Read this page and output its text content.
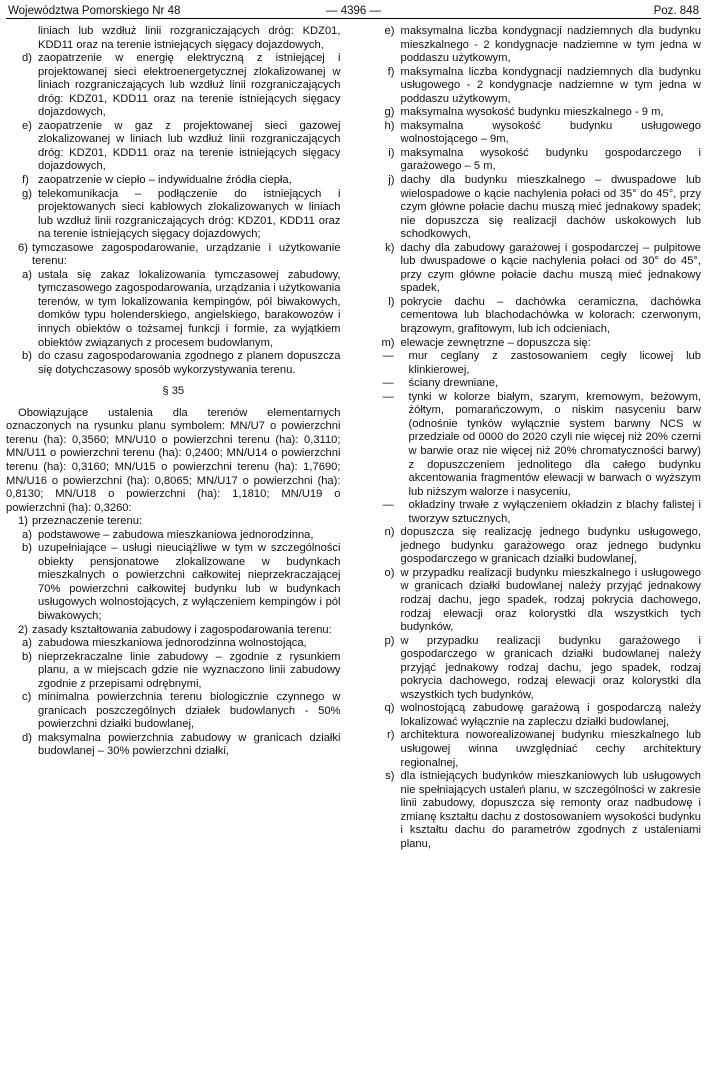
Województwa Pomorskiego Nr 48	— 4396 —	Poz. 848
liniach lub wzdłuż linii rozgraniczających dróg: KDZ01, KDD11 oraz na terenie istniejących sięgacy dojazdowych,
d) zaopatrzenie w energię elektryczną z istniejącej i projektowanej sieci elektroenergetycznej zlokalizowanej w liniach rozgraniczających lub wzdłuż linii rozgraniczających dróg: KDZ01, KDD11 oraz na terenie istniejących sięgacy dojazdowych,
e) zaopatrzenie w gaz z projektowanej sieci gazowej zlokalizowanej w liniach lub wzdłuż linii rozgraniczających dróg: KDZ01, KDD11 oraz na terenie istniejących sięgacy dojazdowych,
f) zaopatrzenie w ciepło – indywidualne źródła ciepła,
g) telekomunikacja – podłączenie do istniejących i projektowanych sieci kablowych zlokalizowanych w liniach lub wzdłuż linii rozgraniczających dróg: KDZ01, KDD11 oraz na terenie istniejących sięgacy dojazdowych;
6) tymczasowe zagospodarowanie, urządzanie i użytkowanie terenu:
a) ustala się zakaz lokalizowania tymczasowej zabudowy, tymczasowego zagospodarowania, urządzania i użytkowania terenów, w tym lokalizowania kempingów, pól biwakowych, domków typu holenderskiego, angielskiego, barakowozów i innych obiektów o tożsamej funkcji i formie, za wyjątkiem obiektów związanych z procesem budowlanym,
b) do czasu zagospodarowania zgodnego z planem dopuszcza się dotychczasowy sposób wykorzystywania terenu.
§ 35
Obowiązujące ustalenia dla terenów elementarnych oznaczonych na rysunku planu symbolem: MN/U7 o powierzchni terenu (ha): 0,3560; MN/U10 o powierzchni terenu (ha): 0,3110; MN/U11 o powierzchni terenu (ha): 0,2400; MN/U14 o powierzchni terenu (ha): 0,3160; MN/U15 o powierzchni terenu (ha): 1,7690; MN/U16 o powierzchni (ha): 0,8065; MN/U17 o powierzchni (ha): 0,8130; MN/U18 o powierzchni (ha): 1,1810; MN/U19 o powierzchni (ha): 0,3260:
1) przeznaczenie terenu:
a) podstawowe – zabudowa mieszkaniowa jednorodzinna,
b) uzupełniające – usługi nieuciążliwe w tym w szczególności obiekty pensjonatowe zlokalizowane w budynkach mieszkalnych o powierzchni całkowitej nieprzekraczającej 70% powierzchni całkowitej budynku lub w budynkach usługowych wolnostojących, z wyłączeniem kempingów i pól biwakowych;
2) zasady kształtowania zabudowy i zagospodarowania terenu:
a) zabudowa mieszkaniowa jednorodzinna wolnostojąca,
b) nieprzekraczalne linie zabudowy – zgodnie z rysunkiem planu, a w miejscach gdzie nie wyznaczono linii zabudowy zgodnie z przepisami odrębnymi,
c) minimalna powierzchnia terenu biologicznie czynnego w granicach poszczególnych działek budowlanych - 50% powierzchni działki budowlanej,
d) maksymalna powierzchnia zabudowy w granicach działki budowlanej – 30% powierzchni działki,
e) maksymalna liczba kondygnacji nadziemnych dla budynku mieszkalnego - 2 kondygnacje nadziemne w tym jedna w poddaszu użytkowym,
f) maksymalna liczba kondygnacji nadziemnych dla budynku usługowego - 2 kondygnacje nadziemne w tym jedna w poddaszu użytkowym,
g) maksymalna wysokość budynku mieszkalnego - 9 m,
h) maksymalna wysokość budynku usługowego wolnostojącego – 9m,
i) maksymalna wysokość budynku gospodarczego i garażowego – 5 m,
j) dachy dla budynku mieszkalnego – dwuspadowe lub wielospadowe o kącie nachylenia połaci od 35° do 45°, przy czym główne połacie dachu muszą mieć jednakowy spadek; nie dopuszcza się realizacji dachów uskokowych lub schodkowych,
k) dachy dla zabudowy garażowej i gospodarczej – pulpitowe lub dwuspadowe o kącie nachylenia połaci od 30° do 45°, przy czym główne połacie dachu muszą mieć jednakowy spadek,
l) pokrycie dachu – dachówka ceramiczna, dachówka cementowa lub blachodachówka w kolorach: czerwonym, brązowym, grafitowym, lub ich odcieniach,
m) elewacje zewnętrzne – dopuszcza się:
—	mur ceglany z zastosowaniem cegły licowej lub klinkierowej,
—	ściany drewniane,
—	tynki w kolorze białym, szarym, kremowym, beżowym, żółtym, pomarańczowym, o niskim nasyceniu barw (odnośnie tynków wyłącznie system barwny NCS w przedziale od 0000 do 2020 czyli nie więcej niż 20% czerni w barwie oraz nie więcej niż 20% chromatyczności barwy) z dopuszczeniem jednolitego dla całego budynku akcentowania fragmentów elewacji w barwach o wyższym lub niższym walorze i nasyceniu,
—	okładziny trwałe z wyłączeniem okładzin z blachy falistej i tworzyw sztucznych,
n) dopuszcza się realizację jednego budynku usługowego, jednego budynku garażowego oraz jednego budynku gospodarczego w granicach działki budowlanej,
o) w przypadku realizacji budynku mieszkalnego i usługowego w granicach działki budowlanej należy przyjąć jednakowy rodzaj dachu, jego spadek, rodzaj pokrycia dachowego, rodzaj elewacji oraz kolorystki dla wszystkich tych budynków,
p) w przypadku realizacji budynku garażowego i gospodarczego w granicach działki budowlanej należy przyjąć jednakowy rodzaj dachu, jego spadek, rodzaj pokrycia dachowego, rodzaj elewacji oraz kolorystki dla wszystkich tych budynków,
q) wolnostojącą zabudowę garażową i gospodarczą należy lokalizować wyłącznie na zapleczu działki budowlanej,
r) architektura noworealizowanej budynku mieszkalnego lub usługowej winna uwzględniać cechy architektury regionalnej,
s) dla istniejących budynków mieszkaniowych lub usługowych nie spełniających ustaleń planu, w szczególności w zakresie linii zabudowy, dopuszcza się remonty oraz nadbudowę i zmianę kształtu dachu z dostosowaniem wysokości budynku i kształtu dachu do parametrów zgodnych z ustaleniami planu,
